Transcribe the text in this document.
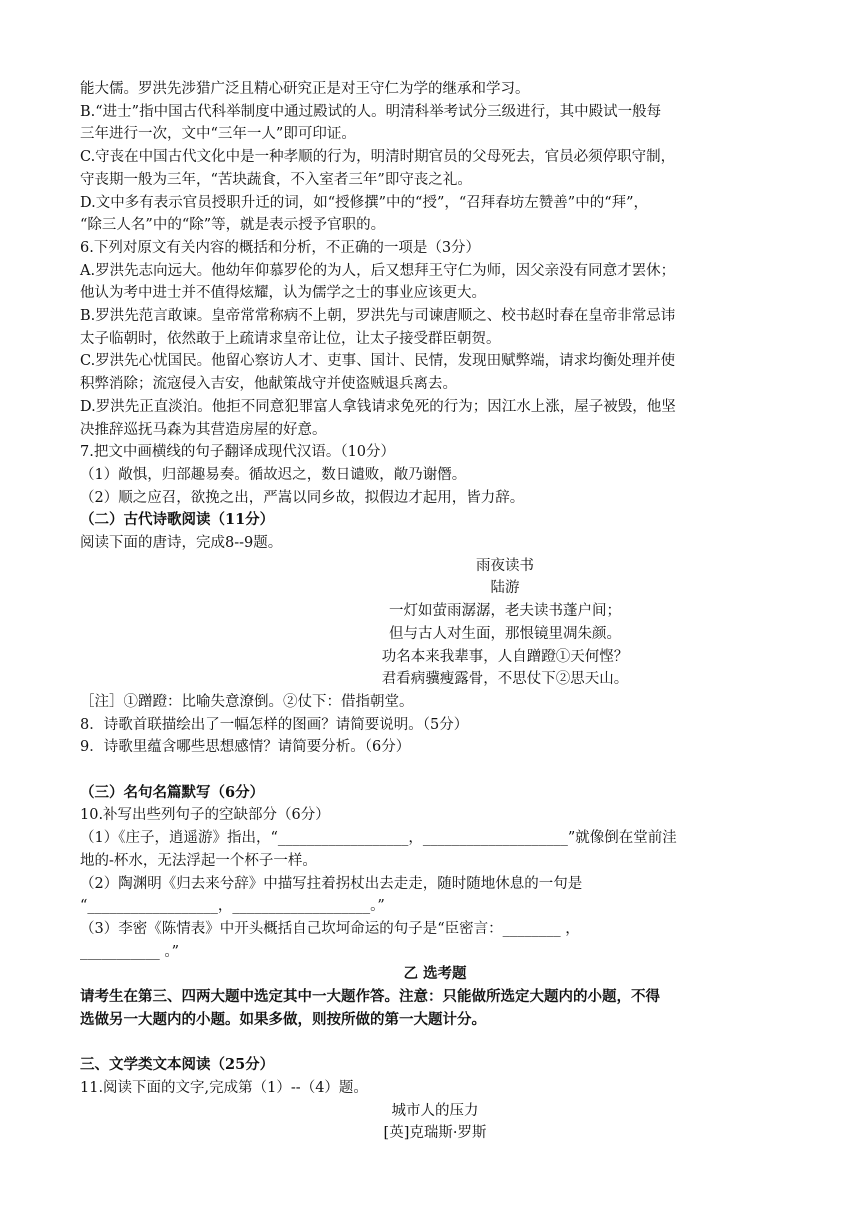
能大儒。罗洪先涉猎广泛且精心研究正是对王守仁为学的继承和学习。

B.“进士”指中国古代科举制度中通过殿试的人。明清科举考试分三级进行，其中殿试一般每

三年进行一次，文中“三年一人”即可印证。

C.守丧在中国古代文化中是一种孝顺的行为，明清时期官员的父母死去，官员必须停职守制，

守丧期一般为三年，“苦块蔬食，不入室者三年”即守丧之礼。

D.文中多有表示官员授职升迁的词，如“授修撰”中的“授”，“召拜春坊左赞善”中的“拜”，

“除三人名”中的“除”等，就是表示授予官职的。

6.下列对原文有关内容的概括和分析，不正确的一项是（3分）

A.罗洪先志向远大。他幼年仰慕罗伦的为人，后又想拜王守仁为师，因父亲没有同意才罢休；

他认为考中进士并不值得炫耀，认为儒学之士的事业应该更大。

B.罗洪先范言敢谏。皇帝常常称病不上朝，罗洪先与司谏唐顺之、校书赵时春在皇帝非常忌讳

太子临朝时，依然敢于上疏请求皇帝让位，让太子接受群臣朝贺。

C.罗洪先心忧国民。他留心察访人才、吏事、国计、民情，发现田赋弊端，请求均衡处理并使

积弊消除；流寇侵入吉安，他献策战守并使盗贼退兵离去。

D.罗洪先正直淡泊。他拒不同意犯罪富人拿钱请求免死的行为；因江水上涨，屋子被毁，他坚

决推辞巡抚马森为其营造房屋的好意。

7.把文中画横线的句子翻译成现代汉语。（10分）

（1）敞惧，归部趣易奏。循故迟之，数日谴败，敞乃谢僭。

（2）顺之应召，欲挽之出，严嵩以同乡故，拟假边才起用，皆力辞。

（二）古代诗歌阅读（11分）

阅读下面的唐诗，完成8--9题。

雨夜读书

陆游

一灯如萤雨潺潺，老夫读书蓬户间；

但与古人对生面，那恨镜里凋朱颜。

功名本来我辈事，人自蹭蹬①天何悭？

君看病骥瘦露骨，不思仗下②思天山。

［注］①蹭蹬：比喻失意潦倒。②仗下：借指朝堂。

8．诗歌首联描绘出了一幅怎样的图画？请简要说明。（5分）

9．诗歌里蕴含哪些思想感情？请简要分析。（6分）

（三）名句名篇默写（6分）

10.补写出些列句子的空缺部分（6分）

（1）《庄子，逍遥游》指出，“__________________，____________________”就像倒在堂前洼

地的-杯水，无法浮起一个杯子一样。

（2）陶渊明《归去来兮辞》中描写拄着拐杖出去走走，随时随地休息的一句是

“__________________，___________________。”

（3）李密《陈情表》中开头概括自己坎坷命运的句子是“臣密言：________ ，

___________ 。”

乙 选考题

请考生在第三、四两大题中选定其中一大题作答。注意：只能做所选定大题内的小题，不得

选做另一大题内的小题。如果多做，则按所做的第一大题计分。

三、文学类文本阅读（25分）

11.阅读下面的文字,完成第（1）--（4）题。

城市人的压力

[英]克瑞斯·罗斯
